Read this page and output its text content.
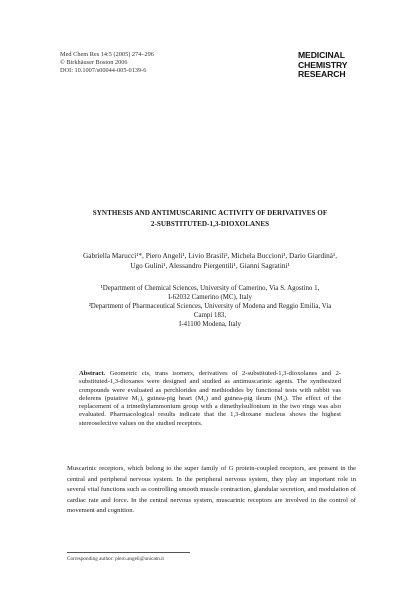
Med Chem Res 14:5 (2005) 274–296
© Birkhäuser Boston 2006
DOI: 10.1007/s00044-005-0139-6
MEDICINAL
CHEMISTRY
RESEARCH
SYNTHESIS AND ANTIMUSCARINIC ACTIVITY OF DERIVATIVES OF
2-SUBSTITUTED-1,3-DIOXOLANES
Gabriella Marucci¹*, Piero Angeli¹, Livio Brasili², Michela Buccioni¹, Dario Giardinà¹,
Ugo Gulini¹, Alessandro Piergentili¹, Gianni Sagratini¹
¹Department of Chemical Sciences, University of Camerino, Via S. Agostino 1,
I-62032 Camerino (MC), Italy
²Department of Pharmaceutical Sciences, University of Modena and Reggio Emilia, Via
Campi 183,
I-41100 Modena, Italy
Abstract. Geometric cis, trans isomers, derivatives of 2-substituted-1,3-dioxolanes and 2-substituted-1,3-dioxanes were designed and studied as antimuscarinic agents. The synthesized compounds were evaluated as perchlorides and methiodides by functional tests with rabbit vas deferens (putative M₁), guinea-pig heart (M₂) and guinea-pig ileum (M₃). The effect of the replacement of a trimethylammonium group with a dimethylsulfonium in the two rings was also evaluated. Pharmacological results indicate that the 1,3-dioxane nucleus shows the highest stereoselective values on the studied receptors.
Muscarinic receptors, which belong to the super family of G protein-coupled receptors, are present in the central and peripheral nervous system. In the peripheral nervous system, they play an important role in several vital functions such as controlling smooth muscle contraction, glandular secretion, and modulation of cardiac rate and force. In the central nervous system, muscarinic receptors are involved in the control of movement and cognition.
Corresponding author: piero.angeli@unicam.it
